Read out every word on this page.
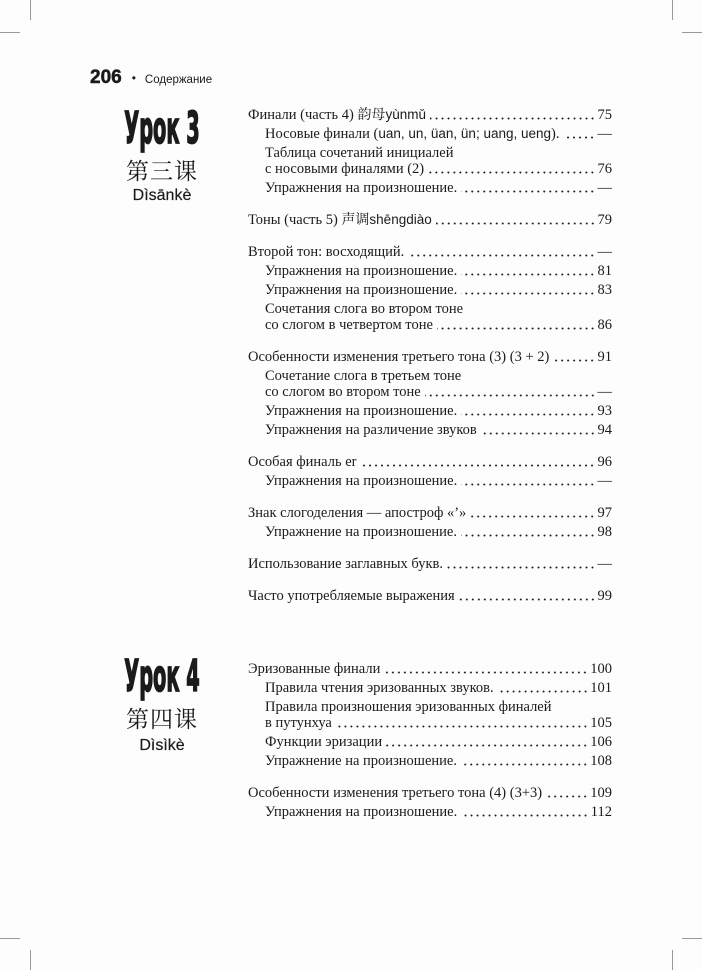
206 • Содержание
Урок 3
第三课
Dìsānkè
Финали (часть 4) 韵母yùnmǔ	75
Носовые финали (uan, un, üan, ün; uang, ueng).	—
Таблица сочетаний инициалей
с носовыми финалями (2)	76
Упражнения на произношение.	—
Тоны (часть 5) 声调shēngdiào	79
Второй тон: восходящий.	—
Упражнения на произношение.	81
Упражнения на произношение.	83
Сочетания слога во втором тоне
со слогом в четвертом тоне	86
Особенности изменения третьего тона (3) (3 + 2)	91
Сочетание слога в третьем тоне
со слогом во втором тоне	—
Упражнения на произношение.	93
Упражнения на различение звуков	94
Особая финаль er	96
Упражнения на произношение.	—
Знак слогоделения — апостроф «’»	97
Упражнение на произношение.	98
Использование заглавных букв.	—
Часто употребляемые выражения	99
Урок 4
第四课
Dìsìkè
Эризованные финали	100
Правила чтения эризованных звуков.	101
Правила произношения эризованных финалей
в путунхуа	105
Функции эризации	106
Упражнение на произношение.	108
Особенности изменения третьего тона (4) (3+3)	109
Упражнения на произношение.	112
